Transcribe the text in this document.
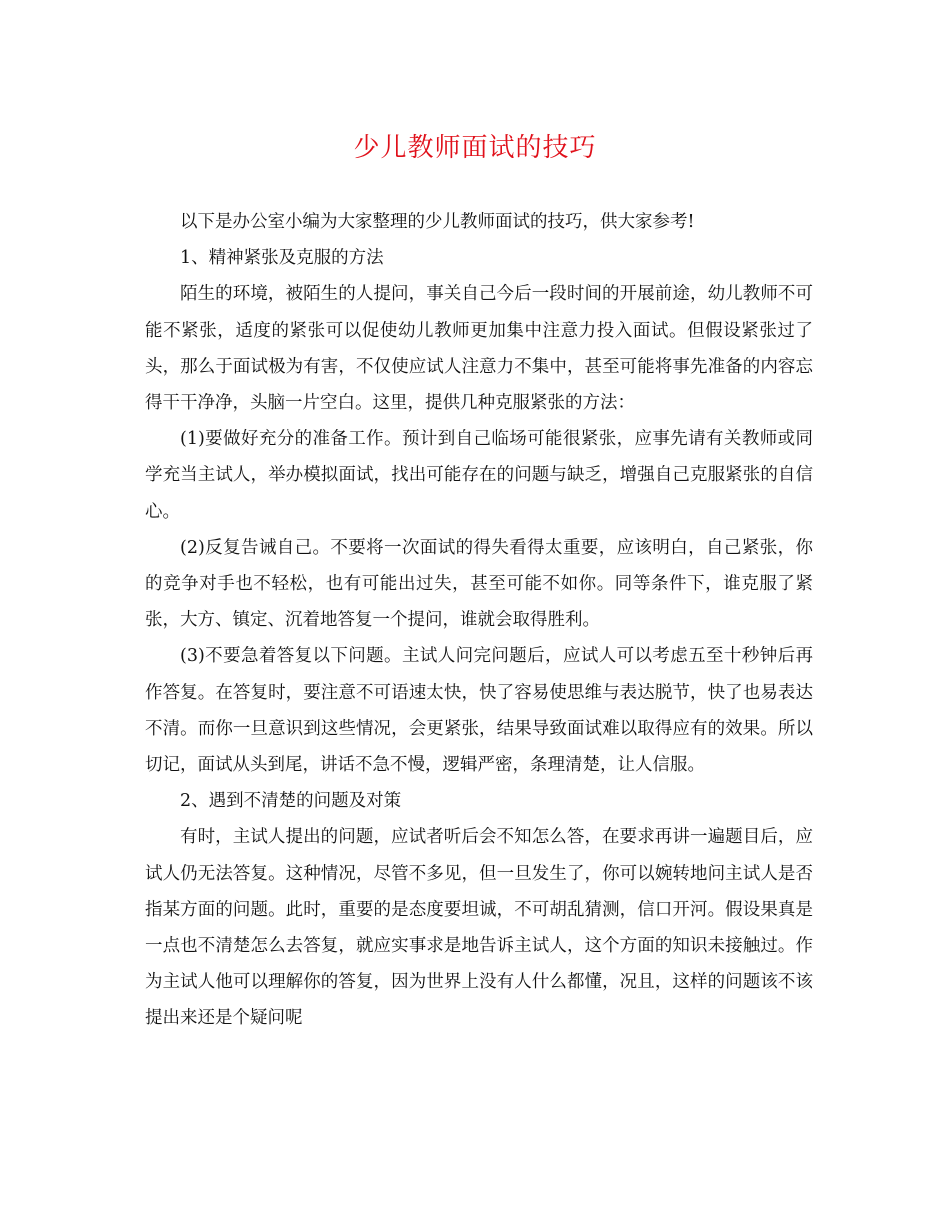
少儿教师面试的技巧

以下是办公室小编为大家整理的少儿教师面试的技巧，供大家参考!

1、精神紧张及克服的方法

陌生的环境，被陌生的人提问，事关自己今后一段时间的开展前途，幼儿教师不可能不紧张，适度的紧张可以促使幼儿教师更加集中注意力投入面试。但假设紧张过了头，那么于面试极为有害，不仅使应试人注意力不集中，甚至可能将事先准备的内容忘得干干净净，头脑一片空白。这里，提供几种克服紧张的方法：

(1)要做好充分的准备工作。预计到自己临场可能很紧张，应事先请有关教师或同学充当主试人，举办模拟面试，找出可能存在的问题与缺乏，增强自己克服紧张的自信心。

(2)反复告诫自己。不要将一次面试的得失看得太重要，应该明白，自己紧张，你的竞争对手也不轻松，也有可能出过失，甚至可能不如你。同等条件下，谁克服了紧张，大方、镇定、沉着地答复一个提问，谁就会取得胜利。

(3)不要急着答复以下问题。主试人问完问题后，应试人可以考虑五至十秒钟后再作答复。在答复时，要注意不可语速太快，快了容易使思维与表达脱节，快了也易表达不清。而你一旦意识到这些情况，会更紧张，结果导致面试难以取得应有的效果。所以切记，面试从头到尾，讲话不急不慢，逻辑严密，条理清楚，让人信服。

2、遇到不清楚的问题及对策

有时，主试人提出的问题，应试者听后会不知怎么答，在要求再讲一遍题目后，应试人仍无法答复。这种情况，尽管不多见，但一旦发生了，你可以婉转地问主试人是否指某方面的问题。此时，重要的是态度要坦诚，不可胡乱猜测，信口开河。假设果真是一点也不清楚怎么去答复，就应实事求是地告诉主试人，这个方面的知识未接触过。作为主试人他可以理解你的答复，因为世界上没有人什么都懂，况且，这样的问题该不该提出来还是个疑问呢
